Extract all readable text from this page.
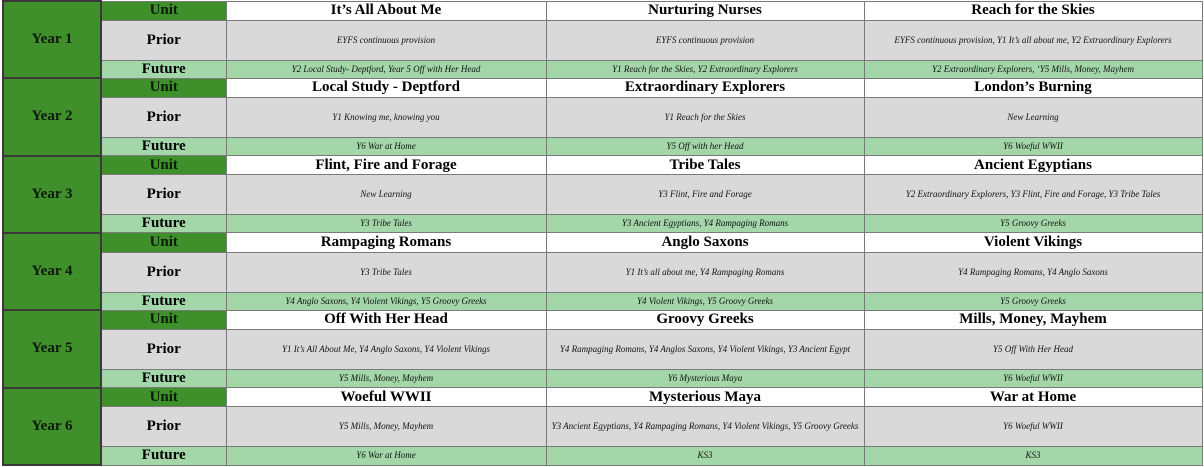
Year 1	Unit	It’s All About Me	Nurturing Nurses	Reach for the Skies
	Prior	EYFS continuous provision	EYFS continuous provision	EYFS continuous provision, Y1 It’s all about me, Y2 Extraordinary Explorers
	Future	Y2 Local Study- Deptford, Year 5 Off with Her Head	Y1 Reach for the Skies, Y2 Extraordinary Explorers	Y2 Extraordinary Explorers, ‘Y5 Mills, Money, Mayhem
Year 2	Unit	Local Study - Deptford	Extraordinary Explorers	London’s Burning
	Prior	Y1 Knowing me, knowing you	Y1 Reach for the Skies	New Learning
	Future	Y6 War at Home	Y5 Off with her Head	Y6 Woeful WWII
Year 3	Unit	Flint, Fire and Forage	Tribe Tales	Ancient Egyptians
	Prior	New Learning	Y3 Flint, Fire and Forage	Y2 Extraordinary Explorers, Y3 Flint, Fire and Forage, Y3 Tribe Tales
	Future	Y3 Tribe Tales	Y3 Ancient Egyptians, Y4 Rampaging Romans	Y5 Groovy Greeks
Year 4	Unit	Rampaging Romans	Anglo Saxons	Violent Vikings
	Prior	Y3 Tribe Tales	Y1 It’s all about me, Y4 Rampaging Romans	Y4 Rampaging Romans, Y4 Anglo Saxons
	Future	Y4 Anglo Saxons, Y4 Violent Vikings, Y5 Groovy Greeks	Y4 Violent Vikings, Y5 Groovy Greeks	Y5 Groovy Greeks
Year 5	Unit	Off With Her Head	Groovy Greeks	Mills, Money, Mayhem
	Prior	Y1 It’s All About Me, Y4 Anglo Saxons, Y4 Violent Vikings	Y4 Rampaging Romans, Y4 Anglos Saxons, Y4 Violent Vikings, Y3 Ancient Egypt	Y5 Off With Her Head
	Future	Y5 Mills, Money, Mayhem	Y6 Mysterious Maya	Y6 Woeful WWII
Year 6	Unit	Woeful WWII	Mysterious Maya	War at Home
	Prior	Y5 Mills, Money, Mayhem	Y3 Ancient Egyptians, Y4 Rampaging Romans, Y4 Violent Vikings, Y5 Groovy Greeks	Y6 Woeful WWII
	Future	Y6 War at Home	KS3	KS3
